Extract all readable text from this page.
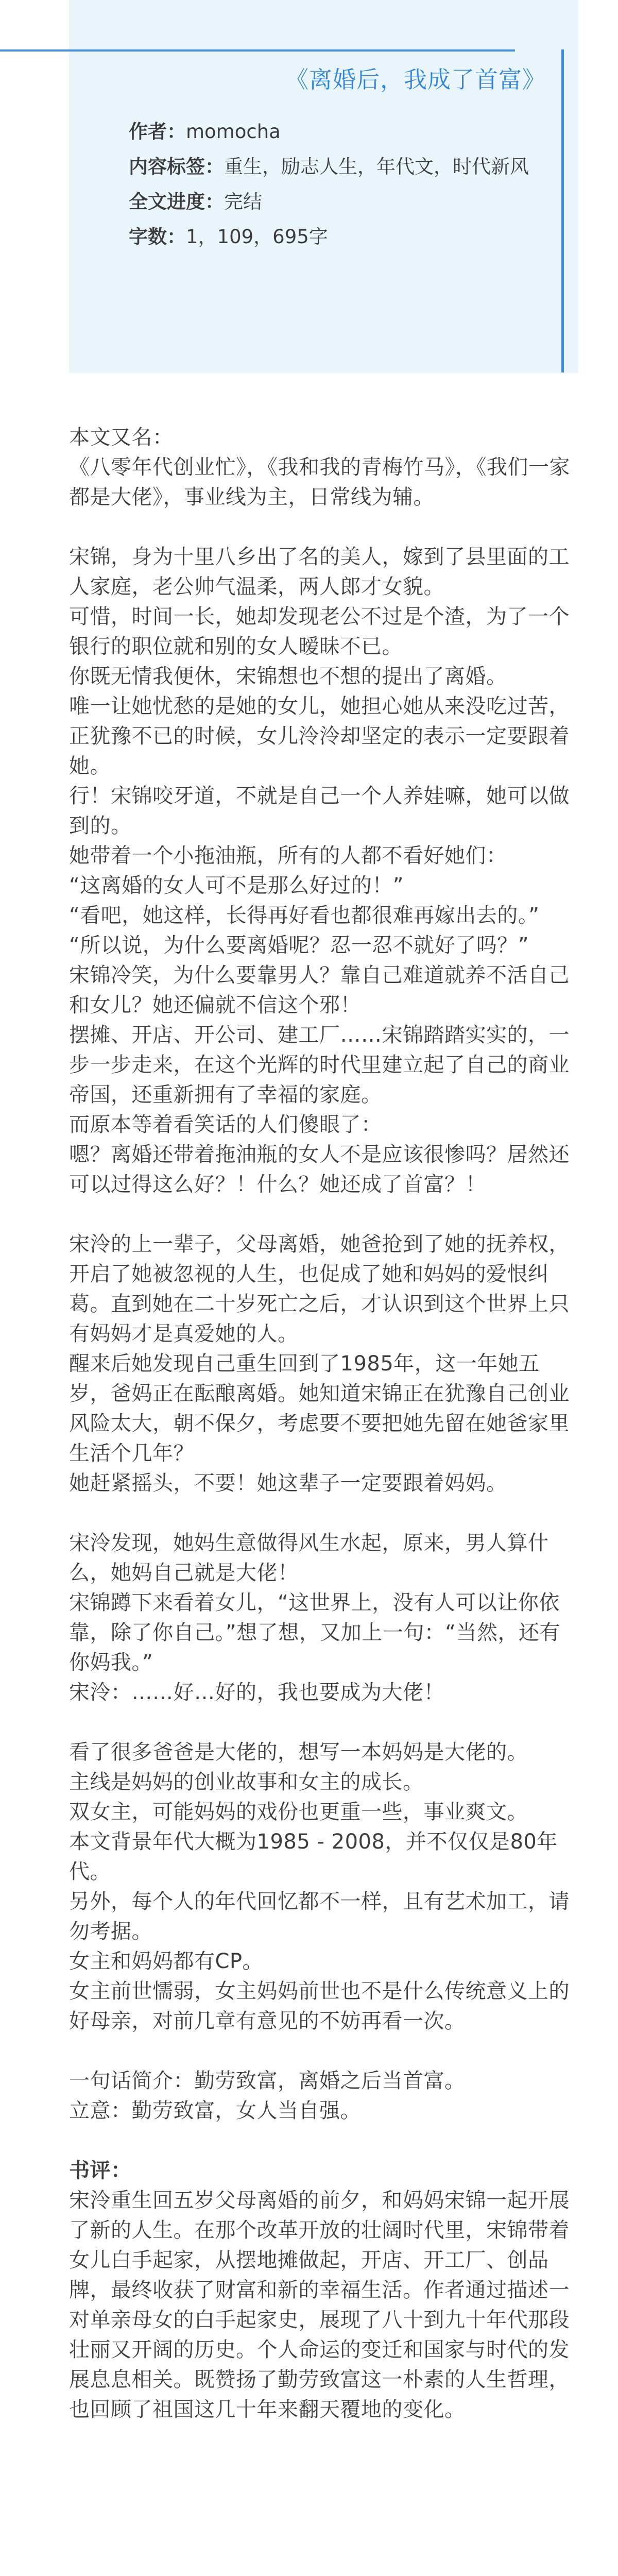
《离婚后，我成了首富》
作者： momocha
内容标签： 重生，励志人生，年代文，时代新风
全文进度： 完结
字数： 1，109，695字

本文又名：

《八零年代创业忙》，《我和我的青梅竹马》，《我们一家都是大佬》，事业线为主，日常线为辅。

宋锦，身为十里八乡出了名的美人，嫁到了县里面的工人家庭，老公帅气温柔，两人郎才女貌。

可惜，时间一长，她却发现老公不过是个渣，为了一个银行的职位就和别的女人暧昧不已。

你既无情我便休，宋锦想也不想的提出了离婚。

唯一让她忧愁的是她的女儿，她担心她从来没吃过苦，正犹豫不已的时候，女儿泠泠却坚定的表示一定要跟着她。

行！宋锦咬牙道，不就是自己一个人养娃嘛，她可以做到的。

她带着一个小拖油瓶，所有的人都不看好她们：

“这离婚的女人可不是那么好过的！”

“看吧，她这样，长得再好看也都很难再嫁出去的。”

“所以说，为什么要离婚呢？忍一忍不就好了吗？”

宋锦冷笑，为什么要靠男人？靠自己难道就养不活自己和女儿？她还偏就不信这个邪！

摆摊、开店、开公司、建工厂……宋锦踏踏实实的，一步一步走来，在这个光辉的时代里建立起了自己的商业帝国，还重新拥有了幸福的家庭。

而原本等着看笑话的人们傻眼了：

嗯？离婚还带着拖油瓶的女人不是应该很惨吗？居然还可以过得这么好？！什么？她还成了首富？！

宋泠的上一辈子，父母离婚，她爸抢到了她的抚养权，开启了她被忽视的人生，也促成了她和妈妈的爱恨纠葛。直到她在二十岁死亡之后，才认识到这个世界上只有妈妈才是真爱她的人。

醒来后她发现自己重生回到了1985年，这一年她五岁，爸妈正在酝酿离婚。她知道宋锦正在犹豫自己创业风险太大，朝不保夕，考虑要不要把她先留在她爸家里生活个几年？

她赶紧摇头，不要！她这辈子一定要跟着妈妈。

宋泠发现，她妈生意做得风生水起，原来，男人算什么，她妈自己就是大佬！

宋锦蹲下来看着女儿，“这世界上，没有人可以让你依靠，除了你自己。”想了想，又加上一句：“当然，还有你妈我。”

宋泠：……好…好的，我也要成为大佬！

看了很多爸爸是大佬的，想写一本妈妈是大佬的。

主线是妈妈的创业故事和女主的成长。

双女主，可能妈妈的戏份也更重一些，事业爽文。

本文背景年代大概为1985 - 2008，并不仅仅是80年代。

另外，每个人的年代回忆都不一样，且有艺术加工，请勿考据。

女主和妈妈都有CP。

女主前世懦弱，女主妈妈前世也不是什么传统意义上的好母亲，对前几章有意见的不妨再看一次。

一句话简介：勤劳致富，离婚之后当首富。

立意：勤劳致富，女人当自强。

书评：

宋泠重生回五岁父母离婚的前夕，和妈妈宋锦一起开展了新的人生。在那个改革开放的壮阔时代里，宋锦带着女儿白手起家，从摆地摊做起，开店、开工厂、创品牌，最终收获了财富和新的幸福生活。作者通过描述一对单亲母女的白手起家史，展现了八十到九十年代那段壮丽又开阔的历史。个人命运的变迁和国家与时代的发展息息相关。既赞扬了勤劳致富这一朴素的人生哲理，也回顾了祖国这几十年来翻天覆地的变化。
